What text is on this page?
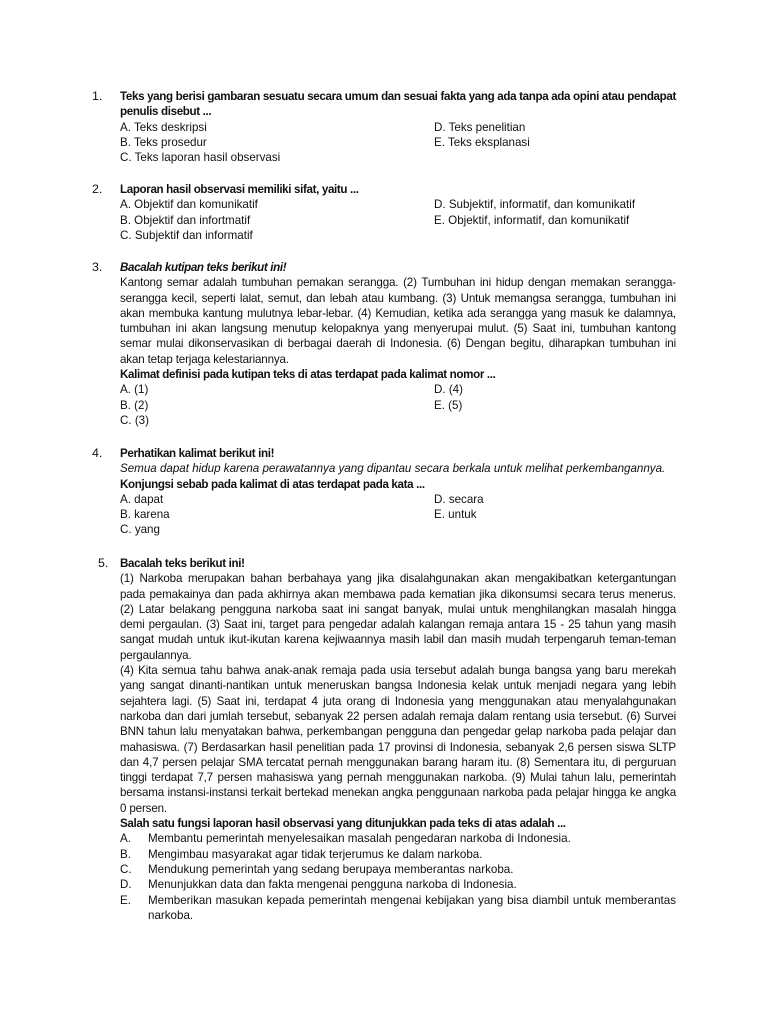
1.	Teks yang berisi gambaran sesuatu secara umum dan sesuai fakta yang ada tanpa ada opini atau pendapat penulis disebut ...
A. Teks deskripsi	D. Teks penelitian
B. Teks prosedur	E. Teks eksplanasi
C. Teks laporan hasil observasi
2.	Laporan hasil observasi memiliki sifat, yaitu ...
A. Objektif dan komunikatif	D. Subjektif, informatif, dan komunikatif
B. Objektif dan infortmatif	E. Objektif, informatif, dan komunikatif
C. Subjektif dan informatif
3.	Bacalah kutipan teks berikut ini!
Kantong semar adalah tumbuhan pemakan serangga. (2) Tumbuhan ini hidup dengan memakan serangga-serangga kecil, seperti lalat, semut, dan lebah atau kumbang. (3) Untuk memangsa serangga, tumbuhan ini akan membuka kantung mulutnya lebar-lebar. (4) Kemudian, ketika ada serangga yang masuk ke dalamnya, tumbuhan ini akan langsung menutup kelopaknya yang menyerupai mulut. (5) Saat ini, tumbuhan kantong semar mulai dikonservasikan di berbagai daerah di Indonesia. (6) Dengan begitu, diharapkan tumbuhan ini akan tetap terjaga kelestariannya.
Kalimat definisi pada kutipan teks di atas terdapat pada kalimat nomor ...
A. (1)	D. (4)
B. (2)	E. (5)
C. (3)
4.	Perhatikan kalimat berikut ini!
Semua dapat hidup karena perawatannya yang dipantau secara berkala untuk melihat perkembangannya.
Konjungsi sebab pada kalimat di atas terdapat pada kata ...
A. dapat	D. secara
B. karena	E. untuk
C. yang
5.	Bacalah teks berikut ini!
(1) Narkoba merupakan bahan berbahaya yang jika disalahgunakan akan mengakibatkan ketergantungan pada pemakainya dan pada akhirnya akan membawa pada kematian jika dikonsumsi secara terus menerus. (2) Latar belakang pengguna narkoba saat ini sangat banyak, mulai untuk menghilangkan masalah hingga demi pergaulan. (3) Saat ini, target para pengedar adalah kalangan remaja antara 15 - 25 tahun yang masih sangat mudah untuk ikut-ikutan karena kejiwaannya masih labil dan masih mudah terpengaruh teman-teman pergaulannya.
(4) Kita semua tahu bahwa anak-anak remaja pada usia tersebut adalah bunga bangsa yang baru merekah yang sangat dinanti-nantikan untuk meneruskan bangsa Indonesia kelak untuk menjadi negara yang lebih sejahtera lagi. (5) Saat ini, terdapat 4 juta orang di Indonesia yang menggunakan atau menyalahgunakan narkoba dan dari jumlah tersebut, sebanyak 22 persen adalah remaja dalam rentang usia tersebut. (6) Survei BNN tahun lalu menyatakan bahwa, perkembangan pengguna dan pengedar gelap narkoba pada pelajar dan mahasiswa. (7) Berdasarkan hasil penelitian pada 17 provinsi di Indonesia, sebanyak 2,6 persen siswa SLTP dan 4,7 persen pelajar SMA tercatat pernah menggunakan barang haram itu. (8) Sementara itu, di perguruan tinggi terdapat 7,7 persen mahasiswa yang pernah menggunakan narkoba. (9) Mulai tahun lalu, pemerintah bersama instansi-instansi terkait bertekad menekan angka penggunaan narkoba pada pelajar hingga ke angka 0 persen.
Salah satu fungsi laporan hasil observasi yang ditunjukkan pada teks di atas adalah ...
A.	Membantu pemerintah menyelesaikan masalah pengedaran narkoba di Indonesia.
B.	Mengimbau masyarakat agar tidak terjerumus ke dalam narkoba.
C.	Mendukung pemerintah yang sedang berupaya memberantas narkoba.
D.	Menunjukkan data dan fakta mengenai pengguna narkoba di Indonesia.
E.	Memberikan masukan kepada pemerintah mengenai kebijakan yang bisa diambil untuk memberantas narkoba.
